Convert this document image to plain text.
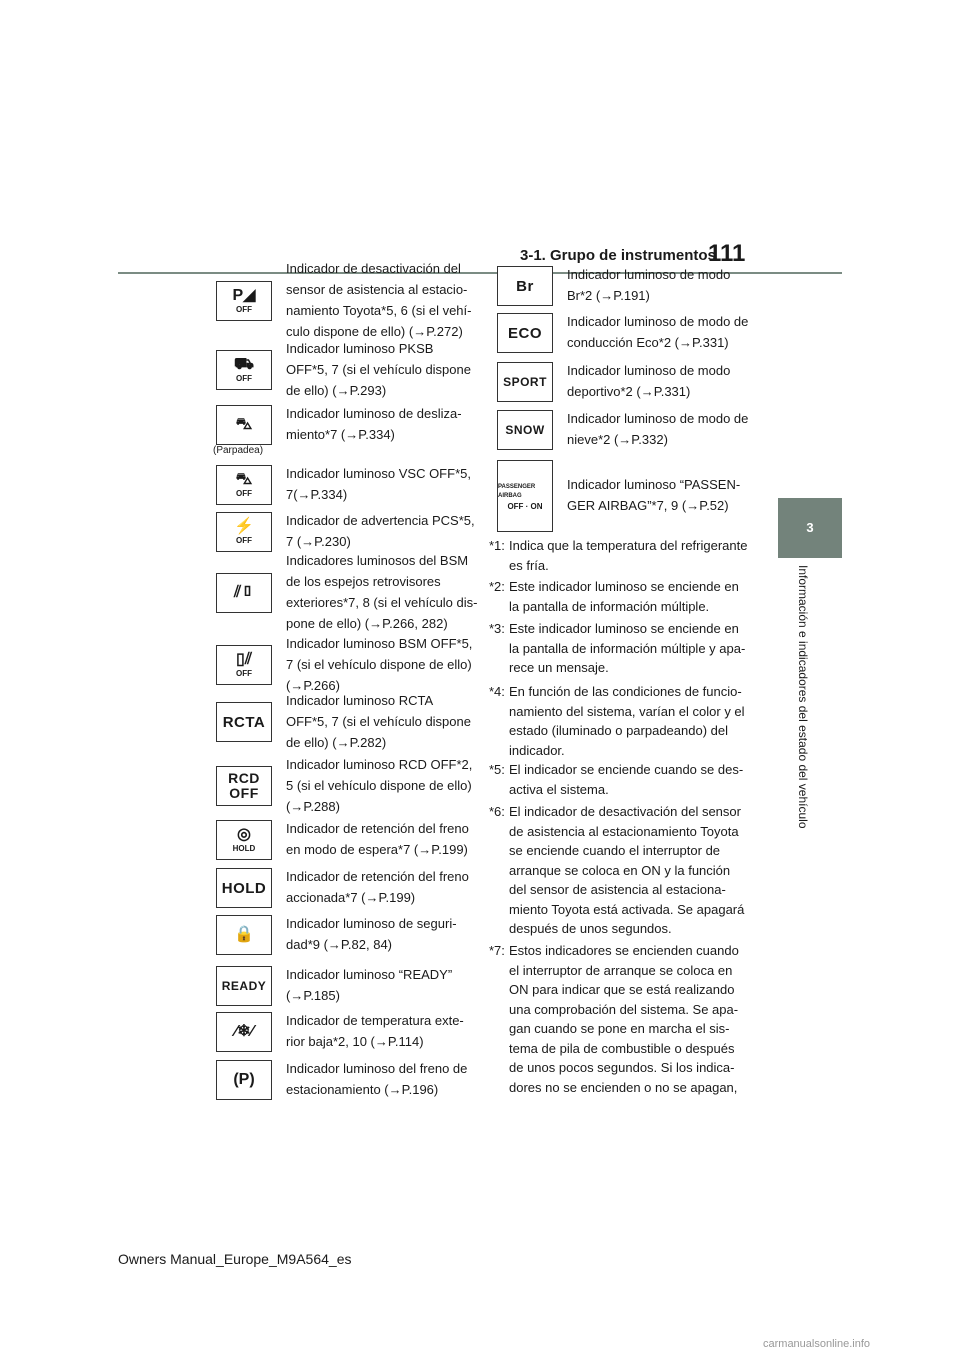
3-1. Grupo de instrumentos
111
3
Información e indicadores del estado del vehículo
P◢
OFF
Indicador de desactivación del
sensor de asistencia al estacio-
namiento Toyota*5, 6 (si el vehí-
culo dispone de ello) (→P.272)
⛟
OFF
Indicador luminoso PKSB
OFF*5, 7 (si el vehículo dispone
de ello) (→P.293)
⛍
(Parpadea)
Indicador luminoso de desliza-
miento*7 (→P.334)
⛍
OFF
Indicador luminoso VSC OFF*5,
7(→P.334)
⚡
OFF
Indicador de advertencia PCS*5,
7 (→P.230)
⫽▯
Indicadores luminosos del BSM
de los espejos retrovisores
exteriores*7, 8 (si el vehículo dis-
pone de ello) (→P.266, 282)
▯⫽
OFF
Indicador luminoso BSM OFF*5,
7 (si el vehículo dispone de ello)
(→P.266)
RCTA
Indicador luminoso RCTA
OFF*5, 7 (si el vehículo dispone
de ello) (→P.282)
RCD
OFF
Indicador luminoso RCD OFF*2,
5 (si el vehículo dispone de ello)
(→P.288)
◎
HOLD
Indicador de retención del freno
en modo de espera*7 (→P.199)
HOLD
Indicador de retención del freno
accionada*7 (→P.199)
🔒
Indicador luminoso de seguri-
dad*9 (→P.82, 84)
READY
Indicador luminoso “READY”
(→P.185)
⁄❄⁄
Indicador de temperatura exte-
rior baja*2, 10 (→P.114)
(P)
Indicador luminoso del freno de
estacionamiento (→P.196)
Br
Indicador luminoso de modo
Br*2 (→P.191)
ECO
Indicador luminoso de modo de
conducción Eco*2 (→P.331)
SPORT
Indicador luminoso de modo
deportivo*2 (→P.331)
SNOW
Indicador luminoso de modo de
nieve*2 (→P.332)
PASSENGER AIRBAG
OFF · ON
Indicador luminoso “PASSEN-
GER AIRBAG”*7, 9 (→P.52)
*1: Indica que la temperatura del refrigerante
es fría.
*2: Este indicador luminoso se enciende en
la pantalla de información múltiple.
*3: Este indicador luminoso se enciende en
la pantalla de información múltiple y apa-
rece un mensaje.
*4: En función de las condiciones de funcio-
namiento del sistema, varían el color y el
estado (iluminado o parpadeando) del
indicador.
*5: El indicador se enciende cuando se des-
activa el sistema.
*6: El indicador de desactivación del sensor
de asistencia al estacionamiento Toyota
se enciende cuando el interruptor de
arranque se coloca en ON y la función
del sensor de asistencia al estaciona-
miento Toyota está activada. Se apagará
después de unos segundos.
*7: Estos indicadores se encienden cuando
el interruptor de arranque se coloca en
ON para indicar que se está realizando
una comprobación del sistema. Se apa-
gan cuando se pone en marcha el sis-
tema de pila de combustible o después
de unos pocos segundos. Si los indica-
dores no se encienden o no se apagan,
Owners Manual_Europe_M9A564_es
carmanualsonline.info
